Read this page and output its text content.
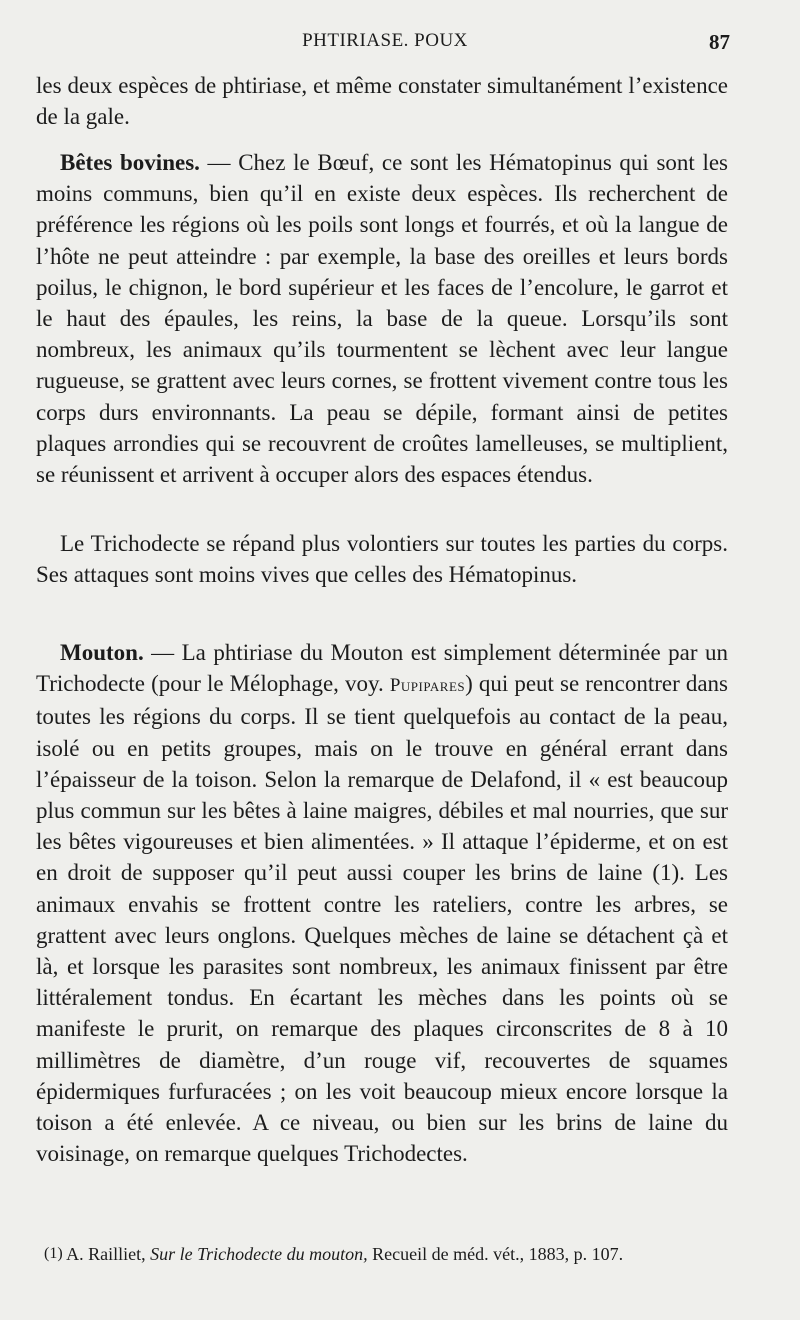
PHTIRIASE. POUX	87

les deux espèces de phtiriase, et même constater simultanément l’existence de la gale.

Bêtes bovines. — Chez le Bœuf, ce sont les Hématopinus qui sont les moins communs, bien qu’il en existe deux espèces. Ils recherchent de préférence les régions où les poils sont longs et fourrés, et où la langue de l’hôte ne peut atteindre : par exemple, la base des oreilles et leurs bords poilus, le chignon, le bord supérieur et les faces de l’encolure, le garrot et le haut des épaules, les reins, la base de la queue. Lorsqu’ils sont nombreux, les animaux qu’ils tourmentent se lèchent avec leur langue rugueuse, se grattent avec leurs cornes, se frottent vivement contre tous les corps durs environnants. La peau se dépile, formant ainsi de petites plaques arrondies qui se recouvrent de croûtes lamelleuses, se multiplient, se réunissent et arrivent à occuper alors des espaces étendus.

Le Trichodecte se répand plus volontiers sur toutes les parties du corps. Ses attaques sont moins vives que celles des Hématopinus.

Mouton. — La phtiriase du Mouton est simplement déterminée par un Trichodecte (pour le Mélophage, voy. Pupipares) qui peut se rencontrer dans toutes les régions du corps. Il se tient quelquefois au contact de la peau, isolé ou en petits groupes, mais on le trouve en général errant dans l’épaisseur de la toison. Selon la remarque de Delafond, il « est beaucoup plus commun sur les bêtes à laine maigres, débiles et mal nourries, que sur les bêtes vigoureuses et bien alimentées. » Il attaque l’épiderme, et on est en droit de supposer qu’il peut aussi couper les brins de laine (1). Les animaux envahis se frottent contre les rateliers, contre les arbres, se grattent avec leurs onglons. Quelques mèches de laine se détachent çà et là, et lorsque les parasites sont nombreux, les animaux finissent par être littéralement tondus. En écartant les mèches dans les points où se manifeste le prurit, on remarque des plaques circonscrites de 8 à 10 millimètres de diamètre, d’un rouge vif, recouvertes de squames épidermiques furfuracées ; on les voit beaucoup mieux encore lorsque la toison a été enlevée. A ce niveau, ou bien sur les brins de laine du voisinage, on remarque quelques Trichodectes.

(1) A. Railliet, Sur le Trichodecte du mouton, Recueil de méd. vét., 1883, p. 107.
